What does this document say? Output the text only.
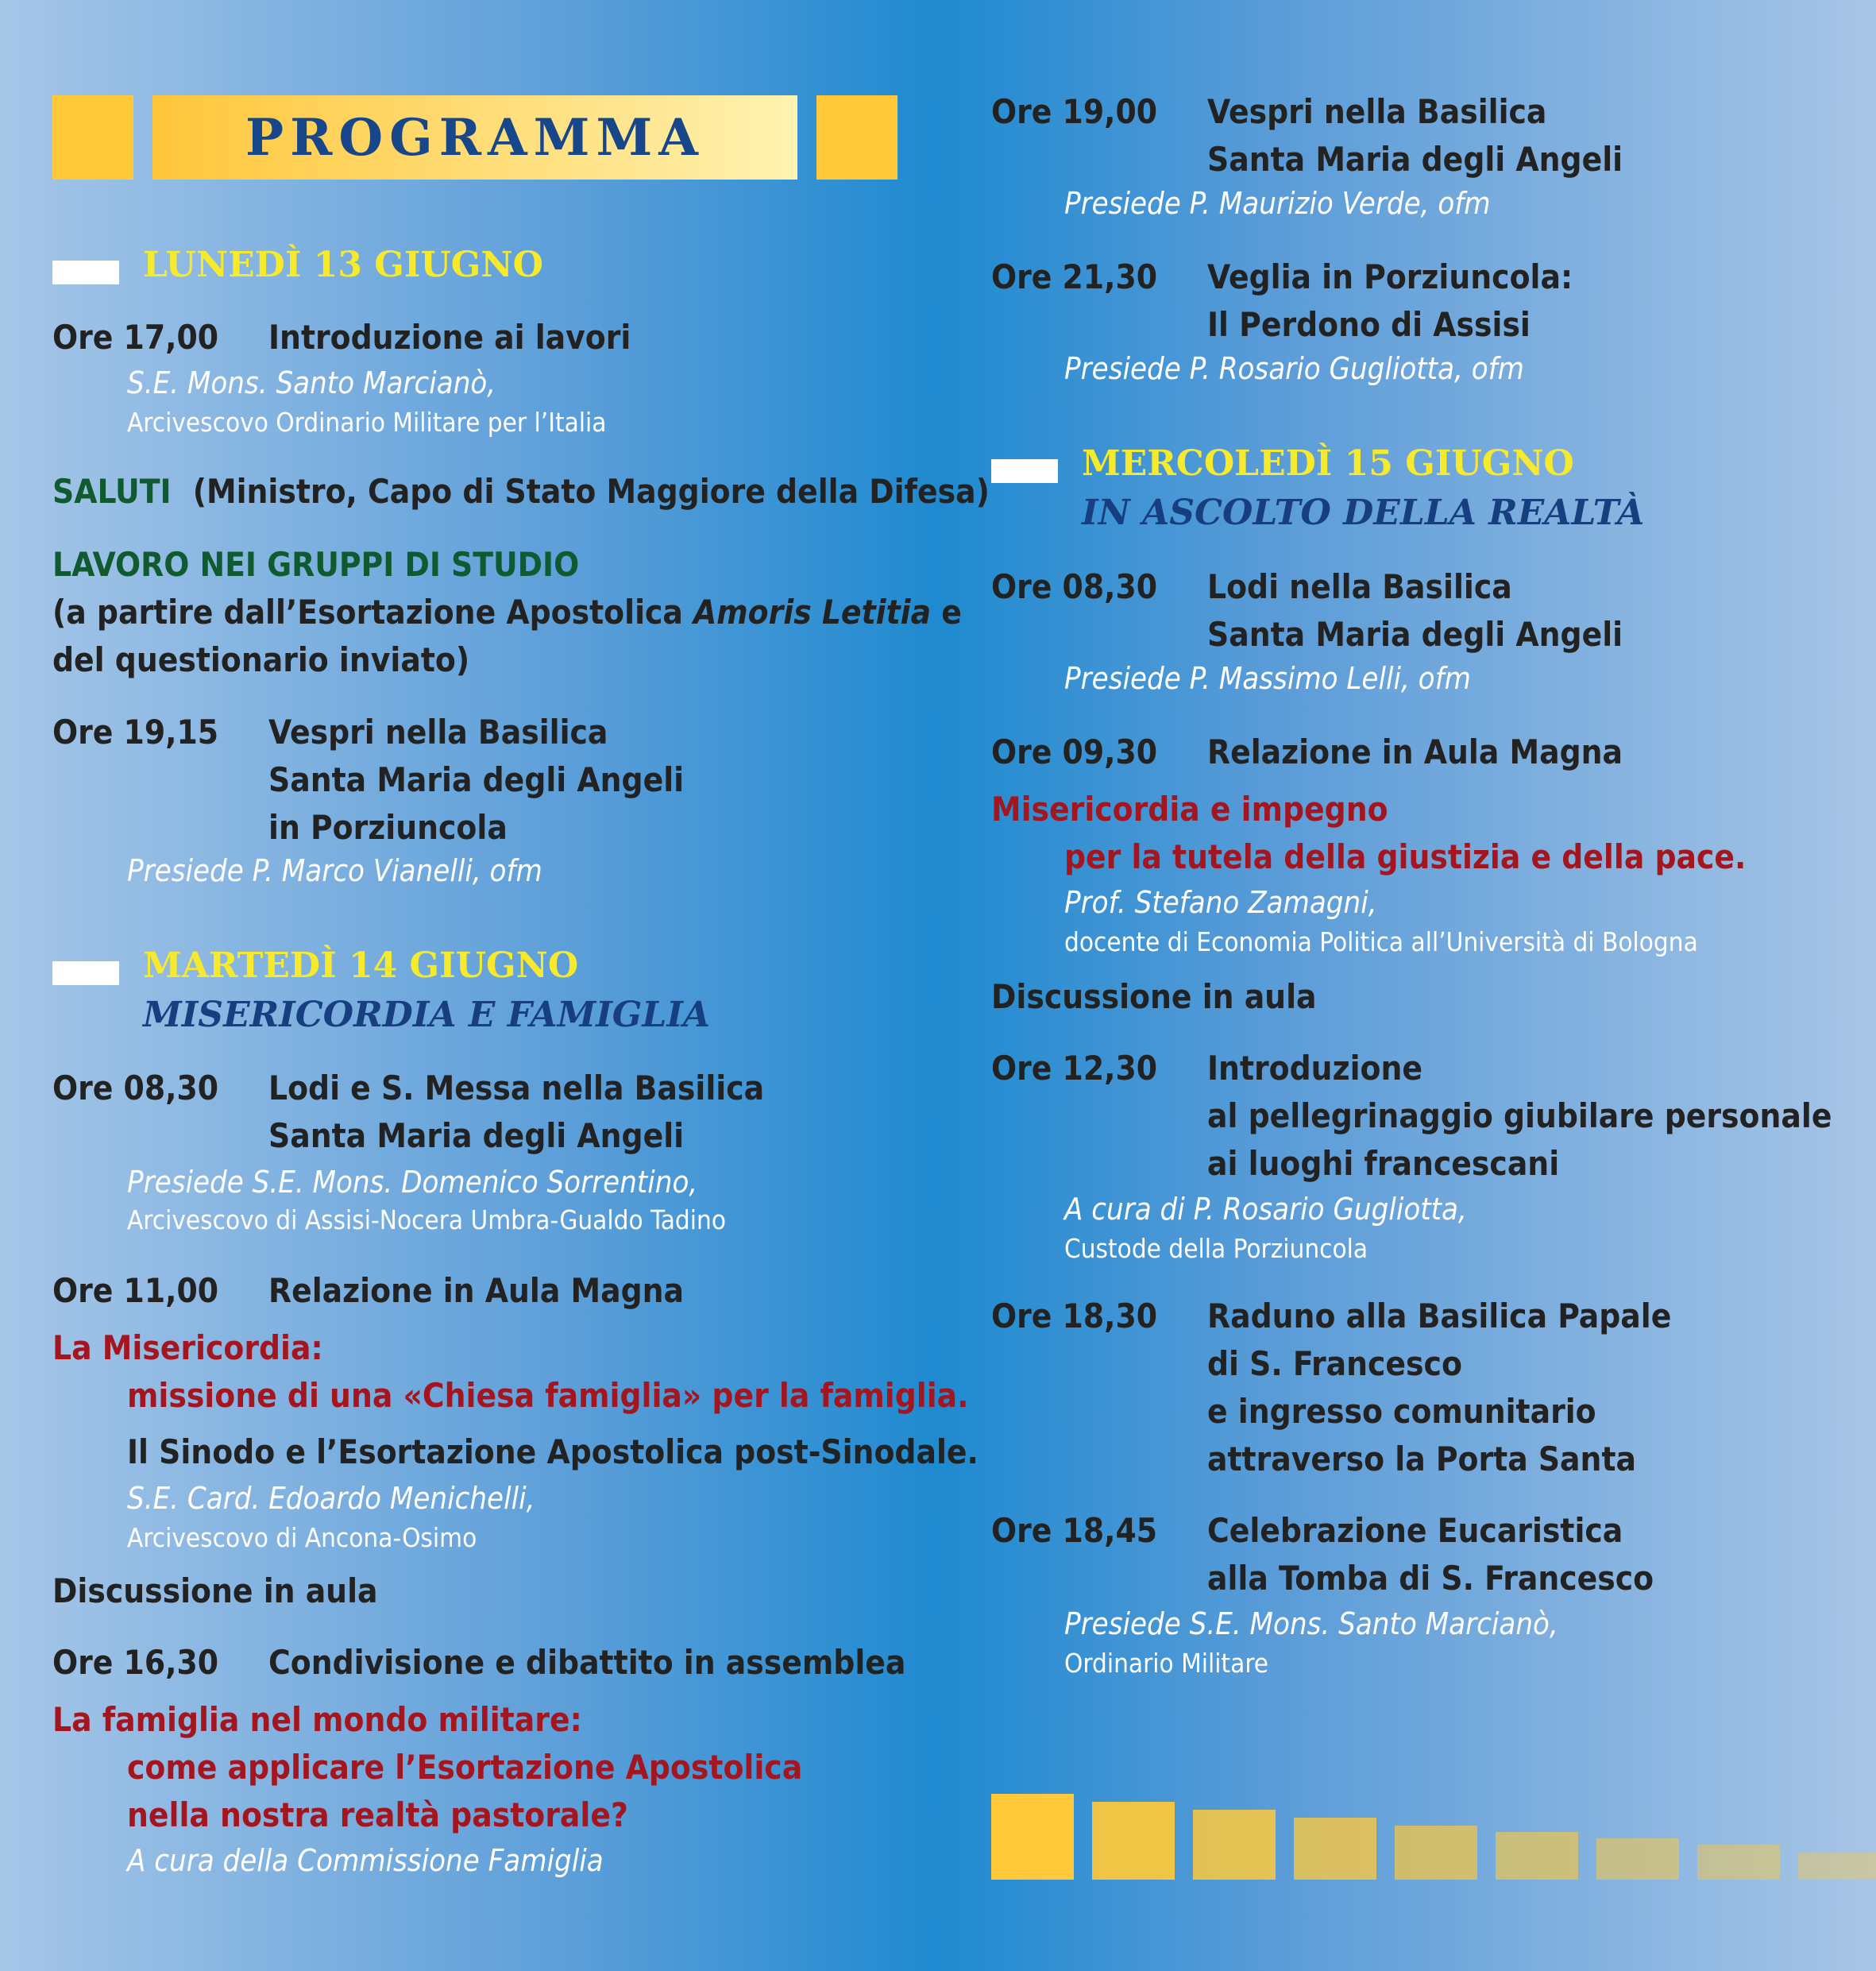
PROGRAMMA
LUNEDÌ 13 GIUGNO
Ore 17,00 Introduzione ai lavori
S.E. Mons. Santo Marcianò,
Arcivescovo Ordinario Militare per l’Italia
SALUTI (Ministro, Capo di Stato Maggiore della Difesa)
LAVORO NEI GRUPPI DI STUDIO
(a partire dall’Esortazione Apostolica Amoris Letitia e
del questionario inviato)
Ore 19,15 Vespri nella Basilica
Santa Maria degli Angeli
in Porziuncola
Presiede P. Marco Vianelli, ofm
MARTEDÌ 14 GIUGNO
MISERICORDIA E FAMIGLIA
Ore 08,30 Lodi e S. Messa nella Basilica
Santa Maria degli Angeli
Presiede S.E. Mons. Domenico Sorrentino,
Arcivescovo di Assisi-Nocera Umbra-Gualdo Tadino
Ore 11,00 Relazione in Aula Magna
La Misericordia:
missione di una «Chiesa famiglia» per la famiglia.
Il Sinodo e l’Esortazione Apostolica post-Sinodale.
S.E. Card. Edoardo Menichelli,
Arcivescovo di Ancona-Osimo
Discussione in aula
Ore 16,30 Condivisione e dibattito in assemblea
La famiglia nel mondo militare:
come applicare l’Esortazione Apostolica
nella nostra realtà pastorale?
A cura della Commissione Famiglia
Ore 19,00 Vespri nella Basilica
Santa Maria degli Angeli
Presiede P. Maurizio Verde, ofm
Ore 21,30 Veglia in Porziuncola:
Il Perdono di Assisi
Presiede P. Rosario Gugliotta, ofm
MERCOLEDÌ 15 GIUGNO
IN ASCOLTO DELLA REALTÀ
Ore 08,30 Lodi nella Basilica
Santa Maria degli Angeli
Presiede P. Massimo Lelli, ofm
Ore 09,30 Relazione in Aula Magna
Misericordia e impegno
per la tutela della giustizia e della pace.
Prof. Stefano Zamagni,
docente di Economia Politica all’Università di Bologna
Discussione in aula
Ore 12,30 Introduzione
al pellegrinaggio giubilare personale
ai luoghi francescani
A cura di P. Rosario Gugliotta,
Custode della Porziuncola
Ore 18,30 Raduno alla Basilica Papale
di S. Francesco
e ingresso comunitario
attraverso la Porta Santa
Ore 18,45 Celebrazione Eucaristica
alla Tomba di S. Francesco
Presiede S.E. Mons. Santo Marcianò,
Ordinario Militare
